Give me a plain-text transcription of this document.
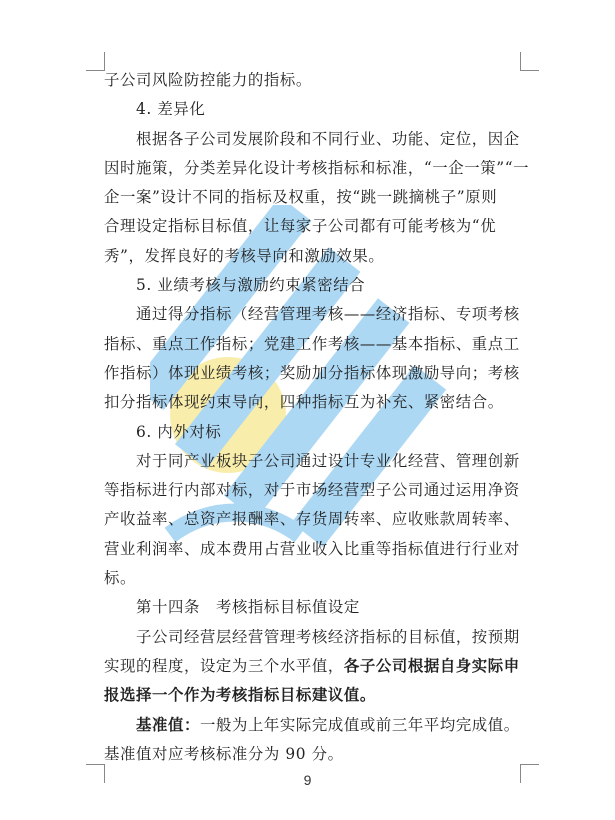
子公司风险防控能力的指标。

4. 差异化

根据各子公司发展阶段和不同行业、功能、定位，因企

因时施策，分类差异化设计考核指标和标准，“一企一策”“一

企一案”设计不同的指标及权重，按“跳一跳摘桃子”原则

合理设定指标目标值，让每家子公司都有可能考核为“优

秀”，发挥良好的考核导向和激励效果。

5. 业绩考核与激励约束紧密结合

通过得分指标（经营管理考核——经济指标、专项考核

指标、重点工作指标；党建工作考核——基本指标、重点工

作指标）体现业绩考核；奖励加分指标体现激励导向；考核

扣分指标体现约束导向，四种指标互为补充、紧密结合。

6. 内外对标

对于同产业板块子公司通过设计专业化经营、管理创新

等指标进行内部对标，对于市场经营型子公司通过运用净资

产收益率、总资产报酬率、存货周转率、应收账款周转率、

营业利润率、成本费用占营业收入比重等指标值进行行业对

标。

第十四条　考核指标目标值设定

子公司经营层经营管理考核经济指标的目标值，按预期

实现的程度，设定为三个水平值，各子公司根据自身实际申

报选择一个作为考核指标目标建议值。

基准值：一般为上年实际完成值或前三年平均完成值。

基准值对应考核标准分为 90 分。

9
